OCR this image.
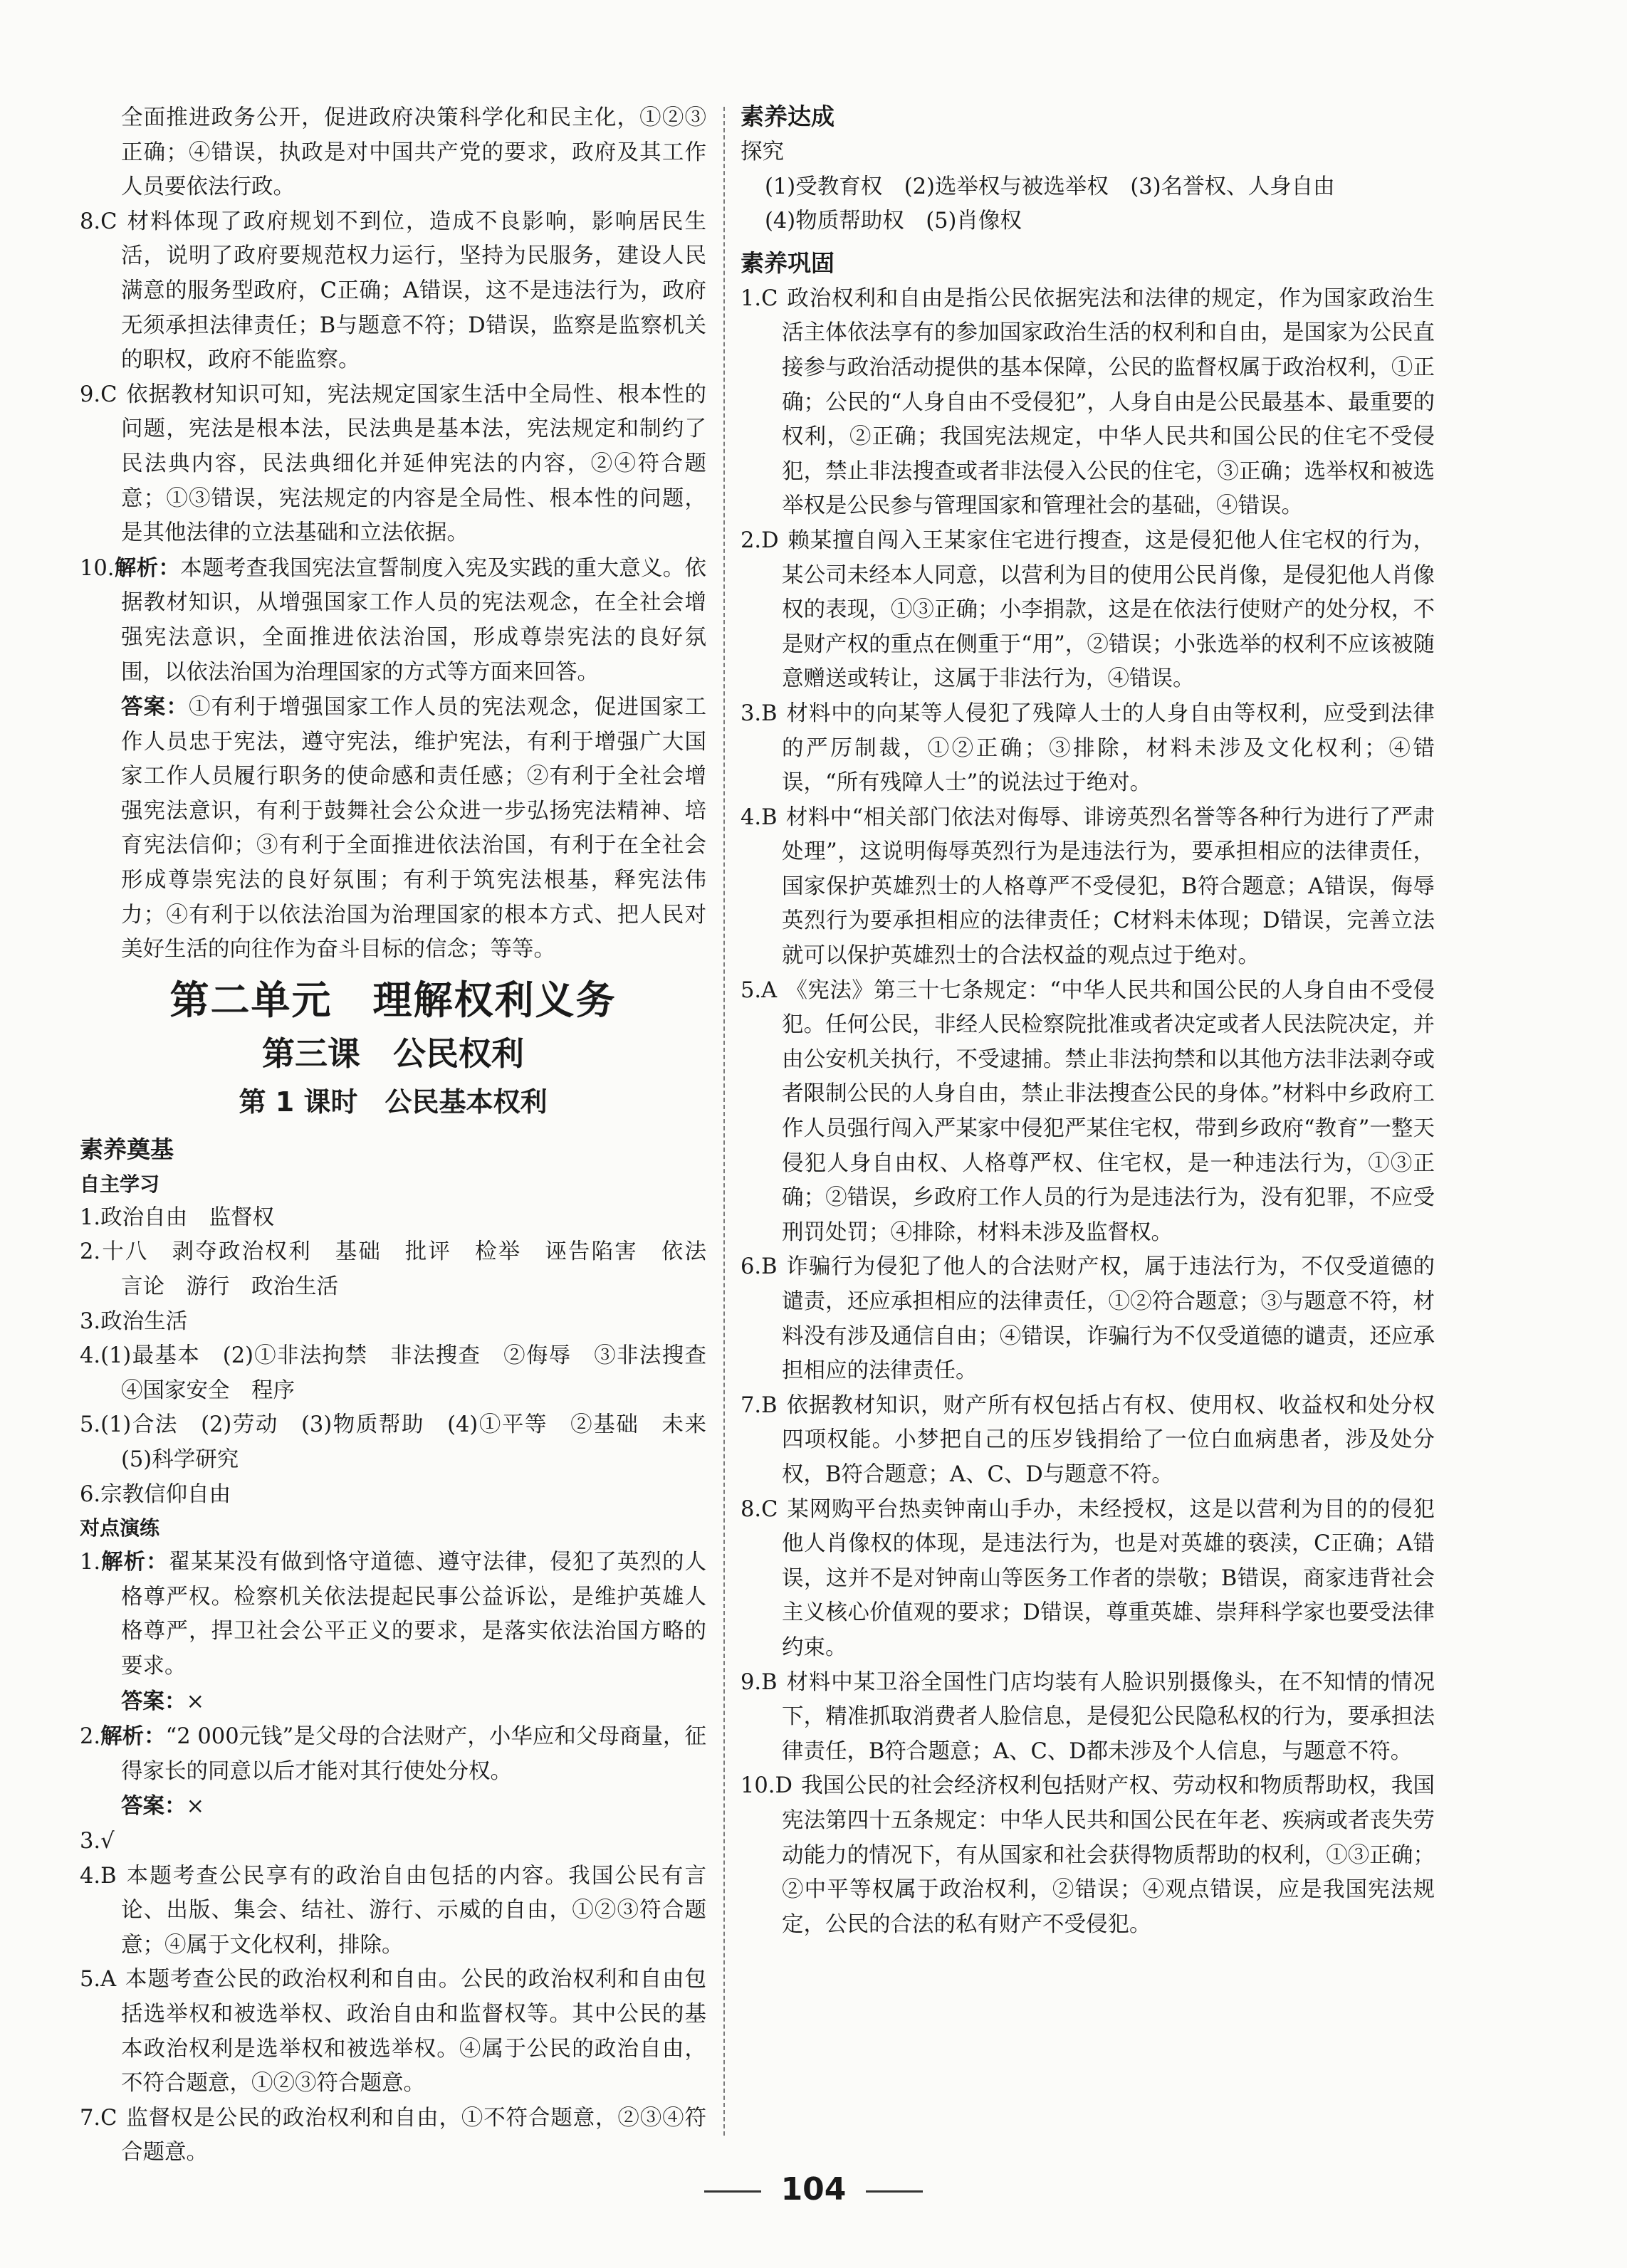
全面推进政务公开，促进政府决策科学化和民主化，①②③正确；④错误，执政是对中国共产党的要求，政府及其工作人员要依法行政。

8.C 材料体现了政府规划不到位，造成不良影响，影响居民生活，说明了政府要规范权力运行，坚持为民服务，建设人民满意的服务型政府，C正确；A错误，这不是违法行为，政府无须承担法律责任；B与题意不符；D错误，监察是监察机关的职权，政府不能监察。

9.C 依据教材知识可知，宪法规定国家生活中全局性、根本性的问题，宪法是根本法，民法典是基本法，宪法规定和制约了民法典内容，民法典细化并延伸宪法的内容，②④符合题意；①③错误，宪法规定的内容是全局性、根本性的问题，是其他法律的立法基础和立法依据。

10.解析：本题考查我国宪法宣誓制度入宪及实践的重大意义。依据教材知识，从增强国家工作人员的宪法观念，在全社会增强宪法意识，全面推进依法治国，形成尊崇宪法的良好氛围，以依法治国为治理国家的方式等方面来回答。

答案：①有利于增强国家工作人员的宪法观念，促进国家工作人员忠于宪法，遵守宪法，维护宪法，有利于增强广大国家工作人员履行职务的使命感和责任感；②有利于全社会增强宪法意识，有利于鼓舞社会公众进一步弘扬宪法精神、培育宪法信仰；③有利于全面推进依法治国，有利于在全社会形成尊崇宪法的良好氛围；有利于筑宪法根基，释宪法伟力；④有利于以依法治国为治理国家的根本方式、把人民对美好生活的向往作为奋斗目标的信念；等等。

第二单元　理解权利义务
第三课　公民权利
第 1 课时　公民基本权利
素养奠基
自主学习

1.政治自由　监督权

2.十八　剥夺政治权利　基础　批评　检举　诬告陷害　依法　言论　游行　政治生活

3.政治生活

4.(1)最基本　(2)①非法拘禁　非法搜查　②侮辱　③非法搜查　④国家安全　程序

5.(1)合法　(2)劳动　(3)物质帮助　(4)①平等　②基础　未来　(5)科学研究

6.宗教信仰自由

对点演练

1.解析：翟某某没有做到恪守道德、遵守法律，侵犯了英烈的人格尊严权。检察机关依法提起民事公益诉讼，是维护英雄人格尊严，捍卫社会公平正义的要求，是落实依法治国方略的要求。

答案：×

2.解析：“2 000元钱”是父母的合法财产，小华应和父母商量，征得家长的同意以后才能对其行使处分权。

答案：×

3.√

4.B 本题考查公民享有的政治自由包括的内容。我国公民有言论、出版、集会、结社、游行、示威的自由，①②③符合题意；④属于文化权利，排除。

5.A 本题考查公民的政治权利和自由。公民的政治权利和自由包括选举权和被选举权、政治自由和监督权等。其中公民的基本政治权利是选举权和被选举权。④属于公民的政治自由，不符合题意，①②③符合题意。

7.C 监督权是公民的政治权利和自由，①不符合题意，②③④符合题意。

素养达成

探究

(1)受教育权　(2)选举权与被选举权　(3)名誉权、人身自由

(4)物质帮助权　(5)肖像权

素养巩固

1.C 政治权利和自由是指公民依据宪法和法律的规定，作为国家政治生活主体依法享有的参加国家政治生活的权利和自由，是国家为公民直接参与政治活动提供的基本保障，公民的监督权属于政治权利，①正确；公民的“人身自由不受侵犯”，人身自由是公民最基本、最重要的权利，②正确；我国宪法规定，中华人民共和国公民的住宅不受侵犯，禁止非法搜查或者非法侵入公民的住宅，③正确；选举权和被选举权是公民参与管理国家和管理社会的基础，④错误。

2.D 赖某擅自闯入王某家住宅进行搜查，这是侵犯他人住宅权的行为，某公司未经本人同意，以营利为目的使用公民肖像，是侵犯他人肖像权的表现，①③正确；小李捐款，这是在依法行使财产的处分权，不是财产权的重点在侧重于“用”，②错误；小张选举的权利不应该被随意赠送或转让，这属于非法行为，④错误。

3.B 材料中的向某等人侵犯了残障人士的人身自由等权利，应受到法律的严厉制裁，①②正确；③排除，材料未涉及文化权利；④错误，“所有残障人士”的说法过于绝对。

4.B 材料中“相关部门依法对侮辱、诽谤英烈名誉等各种行为进行了严肃处理”，这说明侮辱英烈行为是违法行为，要承担相应的法律责任，国家保护英雄烈士的人格尊严不受侵犯，B符合题意；A错误，侮辱英烈行为要承担相应的法律责任；C材料未体现；D错误，完善立法就可以保护英雄烈士的合法权益的观点过于绝对。

5.A 《宪法》第三十七条规定：“中华人民共和国公民的人身自由不受侵犯。任何公民，非经人民检察院批准或者决定或者人民法院决定，并由公安机关执行，不受逮捕。禁止非法拘禁和以其他方法非法剥夺或者限制公民的人身自由，禁止非法搜查公民的身体。”材料中乡政府工作人员强行闯入严某家中侵犯严某住宅权，带到乡政府“教育”一整天侵犯人身自由权、人格尊严权、住宅权，是一种违法行为，①③正确；②错误，乡政府工作人员的行为是违法行为，没有犯罪，不应受刑罚处罚；④排除，材料未涉及监督权。

6.B 诈骗行为侵犯了他人的合法财产权，属于违法行为，不仅受道德的谴责，还应承担相应的法律责任，①②符合题意；③与题意不符，材料没有涉及通信自由；④错误，诈骗行为不仅受道德的谴责，还应承担相应的法律责任。

7.B 依据教材知识，财产所有权包括占有权、使用权、收益权和处分权四项权能。小梦把自己的压岁钱捐给了一位白血病患者，涉及处分权，B符合题意；A、C、D与题意不符。

8.C 某网购平台热卖钟南山手办，未经授权，这是以营利为目的的侵犯他人肖像权的体现，是违法行为，也是对英雄的亵渎，C正确；A错误，这并不是对钟南山等医务工作者的崇敬；B错误，商家违背社会主义核心价值观的要求；D错误，尊重英雄、崇拜科学家也要受法律约束。

9.B 材料中某卫浴全国性门店均装有人脸识别摄像头，在不知情的情况下，精准抓取消费者人脸信息，是侵犯公民隐私权的行为，要承担法律责任，B符合题意；A、C、D都未涉及个人信息，与题意不符。

10.D 我国公民的社会经济权利包括财产权、劳动权和物质帮助权，我国宪法第四十五条规定：中华人民共和国公民在年老、疾病或者丧失劳动能力的情况下，有从国家和社会获得物质帮助的权利，①③正确；②中平等权属于政治权利，②错误；④观点错误，应是我国宪法规定，公民的合法的私有财产不受侵犯。

104
